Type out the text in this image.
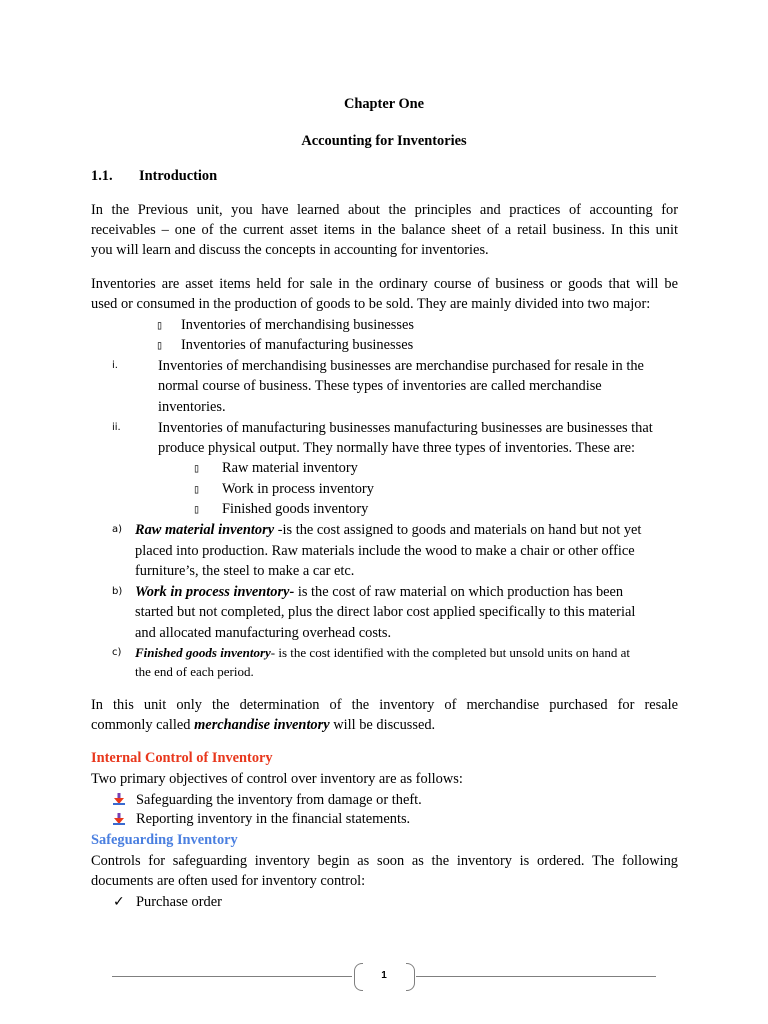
Chapter One
Accounting for Inventories
1.1. Introduction
In the Previous unit, you have learned about the principles and practices of accounting for
receivables – one of the current asset items in the balance sheet of a retail business. In this unit
you will learn and discuss the concepts in accounting for inventories.
Inventories are asset items held for sale in the ordinary course of business or goods that will be
used or consumed in the production of goods to be sold. They are mainly divided into two major:
▯ Inventories of merchandising businesses
▯ Inventories of manufacturing businesses
i.	Inventories of merchandising businesses are merchandise purchased for resale in the
normal course of business. These types of inventories are called merchandise
inventories.
ii.	Inventories of manufacturing businesses manufacturing businesses are businesses that
produce physical output. They normally have three types of inventories. These are:
▯ Raw material inventory
▯ Work in process inventory
▯ Finished goods inventory
a) Raw material inventory -is the cost assigned to goods and materials on hand but not yet
placed into production. Raw materials include the wood to make a chair or other office
furniture’s, the steel to make a car etc.
b) Work in process inventory- is the cost of raw material on which production has been
started but not completed, plus the direct labor cost applied specifically to this material
and allocated manufacturing overhead costs.
c) Finished goods inventory- is the cost identified with the completed but unsold units on hand at
the end of each period.
In this unit only the determination of the inventory of merchandise purchased for resale
commonly called merchandise inventory will be discussed.
Internal Control of Inventory
Two primary objectives of control over inventory are as follows:
Safeguarding the inventory from damage or theft.
Reporting inventory in the financial statements.
Safeguarding Inventory
Controls for safeguarding inventory begin as soon as the inventory is ordered. The following
documents are often used for inventory control:
✓ Purchase order
1
